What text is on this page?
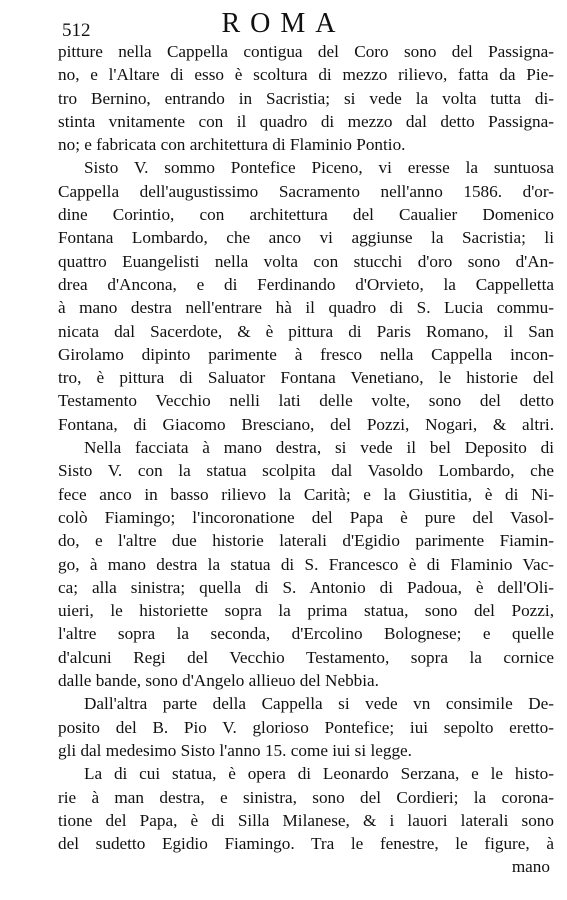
512	ROMA
pitture nella Cappella contigua del Coro sono del Passigna-
no, e l'Altare di esso è scoltura di mezzo rilievo, fatta da Pie-
tro Bernino, entrando in Sacristia; si vede la volta tutta di-
stinta vnitamente con il quadro di mezzo dal detto Passigna-
no; e fabricata con architettura di Flaminio Pontio.
Sisto V. sommo Pontefice Piceno, vi eresse la suntuosa
Cappella dell'augustissimo Sacramento nell'anno 1586. d'or-
dine Corintio, con architettura del Caualier Domenico
Fontana Lombardo, che anco vi aggiunse la Sacristia; li
quattro Euangelisti nella volta con stucchi d'oro sono d'An-
drea d'Ancona, e di Ferdinando d'Orvieto, la Cappelletta
à mano destra nell'entrare hà il quadro di S. Lucia commu-
nicata dal Sacerdote, & è pittura di Paris Romano, il San
Girolamo dipinto parimente à fresco nella Cappella incon-
tro, è pittura di Saluator Fontana Venetiano, le historie del
Testamento Vecchio nelli lati delle volte, sono del detto
Fontana, di Giacomo Bresciano, del Pozzi, Nogari, & altri.
Nella facciata à mano destra, si vede il bel Deposito di
Sisto V. con la statua scolpita dal Vasoldo Lombardo, che
fece anco in basso rilievo la Carità; e la Giustitia, è di Ni-
colò Fiamingo; l'incoronatione del Papa è pure del Vasol-
do, e l'altre due historie laterali d'Egidio parimente Fiamin-
go, à mano destra la statua di S. Francesco è di Flaminio Vac-
ca; alla sinistra; quella di S. Antonio di Padoua, è dell'Oli-
uieri, le historiette sopra la prima statua, sono del Pozzi,
l'altre sopra la seconda, d'Ercolino Bolognese; e quelle
d'alcuni Regi del Vecchio Testamento, sopra la cornice
dalle bande, sono d'Angelo allieuo del Nebbia.
Dall'altra parte della Cappella si vede vn consimile De-
posito del B. Pio V. glorioso Pontefice; iui sepolto eretto-
gli dal medesimo Sisto l'anno 15. come iui si legge.
La di cui statua, è opera di Leonardo Serzana, e le histo-
rie à man destra, e sinistra, sono del Cordieri; la corona-
tione del Papa, è di Silla Milanese, & i lauori laterali sono
del sudetto Egidio Fiamingo. Tra le fenestre, le figure, à
mano
